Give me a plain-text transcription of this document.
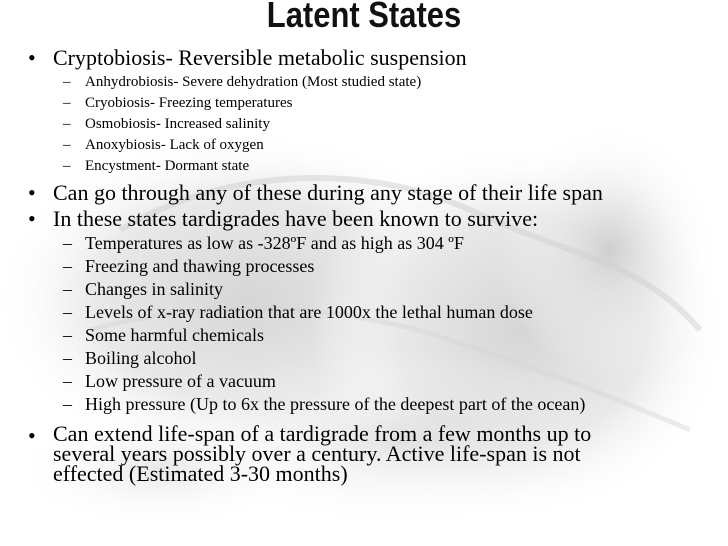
Latent States
• Cryptobiosis- Reversible metabolic suspension
– Anhydrobiosis- Severe dehydration (Most studied state)
– Cryobiosis- Freezing temperatures
– Osmobiosis- Increased salinity
– Anoxybiosis- Lack of oxygen
– Encystment- Dormant state
• Can go through any of these during any stage of their life span
• In these states tardigrades have been known to survive:
– Temperatures as low as -328ºF and as high as 304 ºF
– Freezing and thawing processes
– Changes in salinity
– Levels of x-ray radiation that are 1000x the lethal human dose
– Some harmful chemicals
– Boiling alcohol
– Low pressure of a vacuum
– High pressure (Up to 6x the pressure of the deepest part of the ocean)
• Can extend life-span of a tardigrade from a few months up to
several years possibly over a century. Active life-span is not
effected (Estimated 3-30 months)
